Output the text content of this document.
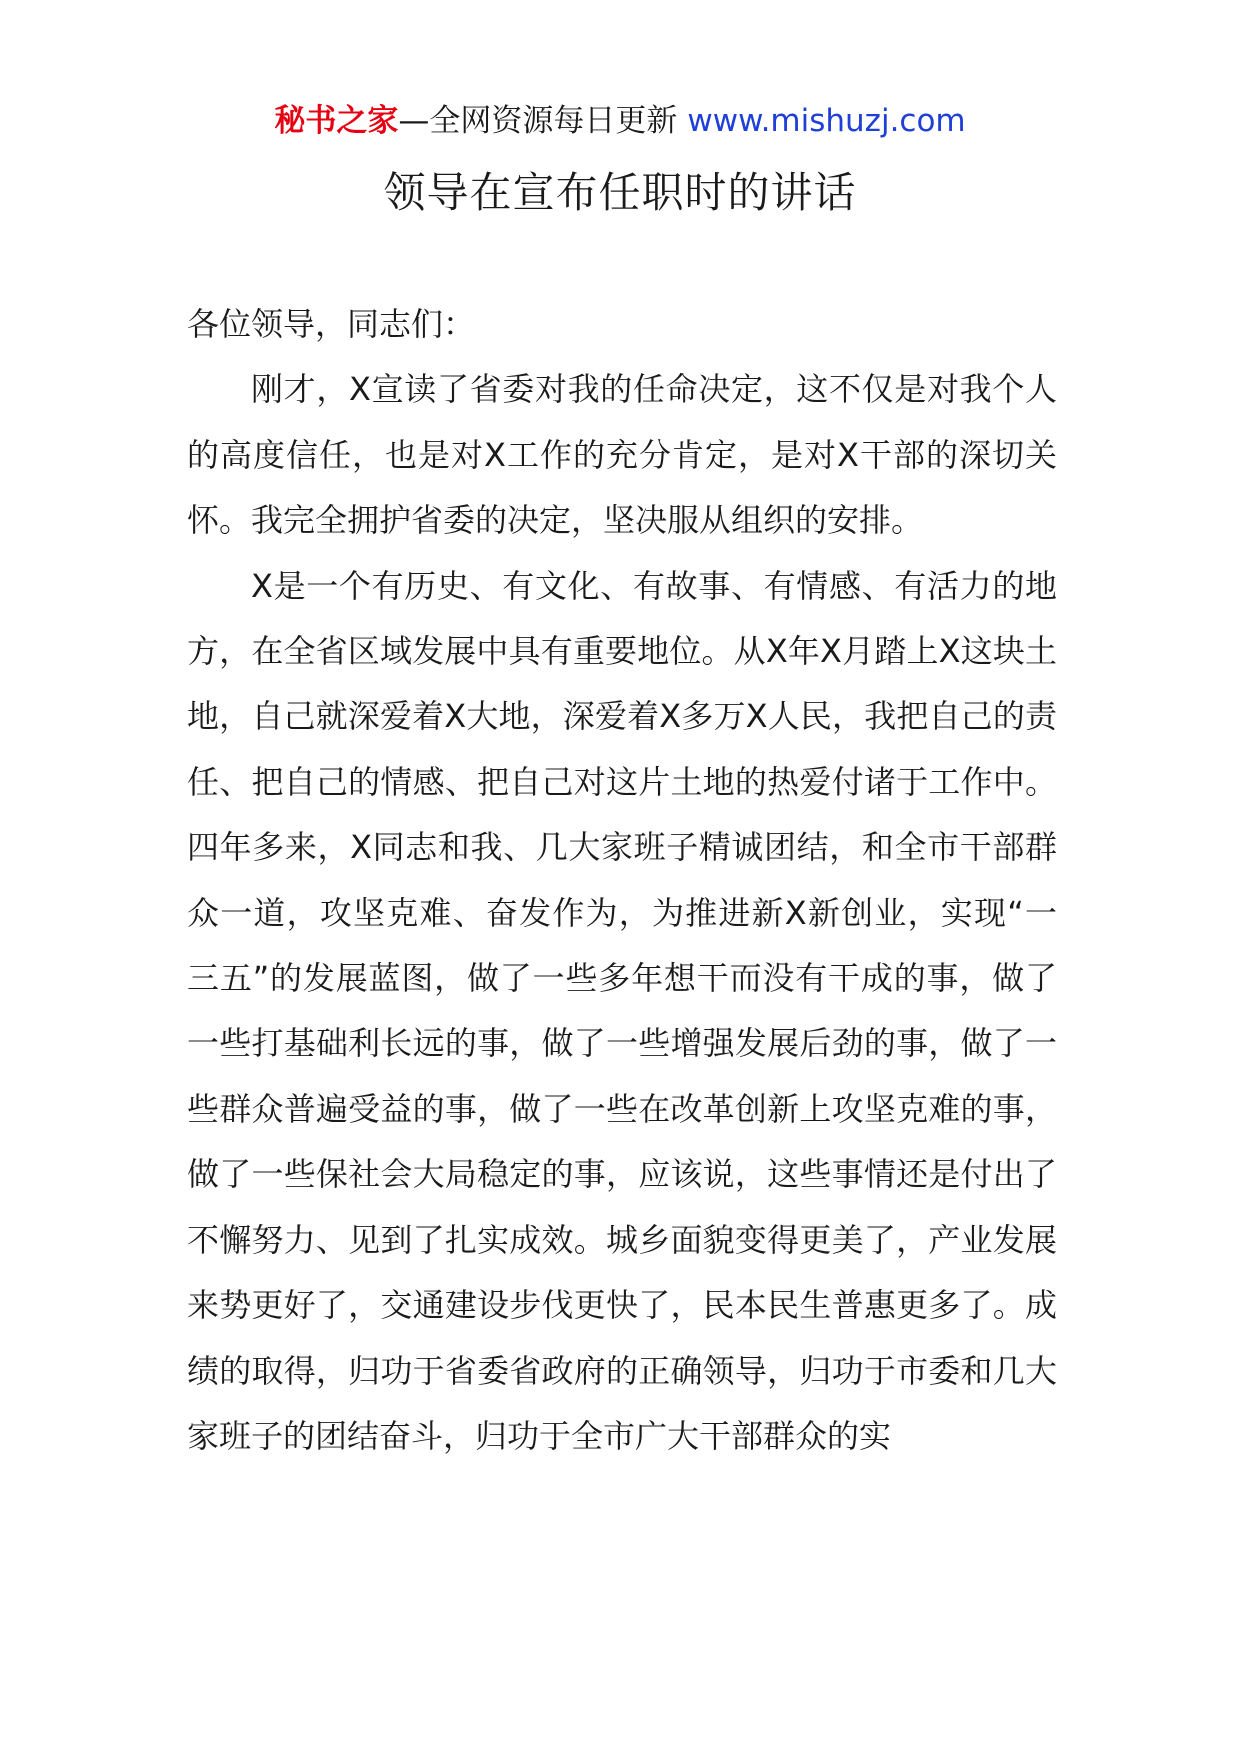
秘书之家—全网资源每日更新 www.mishuzj.com
领导在宣布任职时的讲话

各位领导，同志们：

刚才，X宣读了省委对我的任命决定，这不仅是对我个人的高度信任，也是对X工作的充分肯定，是对X干部的深切关怀。我完全拥护省委的决定，坚决服从组织的安排。

X是一个有历史、有文化、有故事、有情感、有活力的地方，在全省区域发展中具有重要地位。从X年X月踏上X这块土地，自己就深爱着X大地，深爱着X多万X人民，我把自己的责任、把自己的情感、把自己对这片土地的热爱付诸于工作中。四年多来，X同志和我、几大家班子精诚团结，和全市干部群众一道，攻坚克难、奋发作为，为推进新X新创业，实现“一三五”的发展蓝图，做了一些多年想干而没有干成的事，做了一些打基础利长远的事，做了一些增强发展后劲的事，做了一些群众普遍受益的事，做了一些在改革创新上攻坚克难的事，做了一些保社会大局稳定的事，应该说，这些事情还是付出了不懈努力、见到了扎实成效。城乡面貌变得更美了，产业发展来势更好了，交通建设步伐更快了，民本民生普惠更多了。成绩的取得，归功于省委省政府的正确领导，归功于市委和几大家班子的团结奋斗，归功于全市广大干部群众的实
